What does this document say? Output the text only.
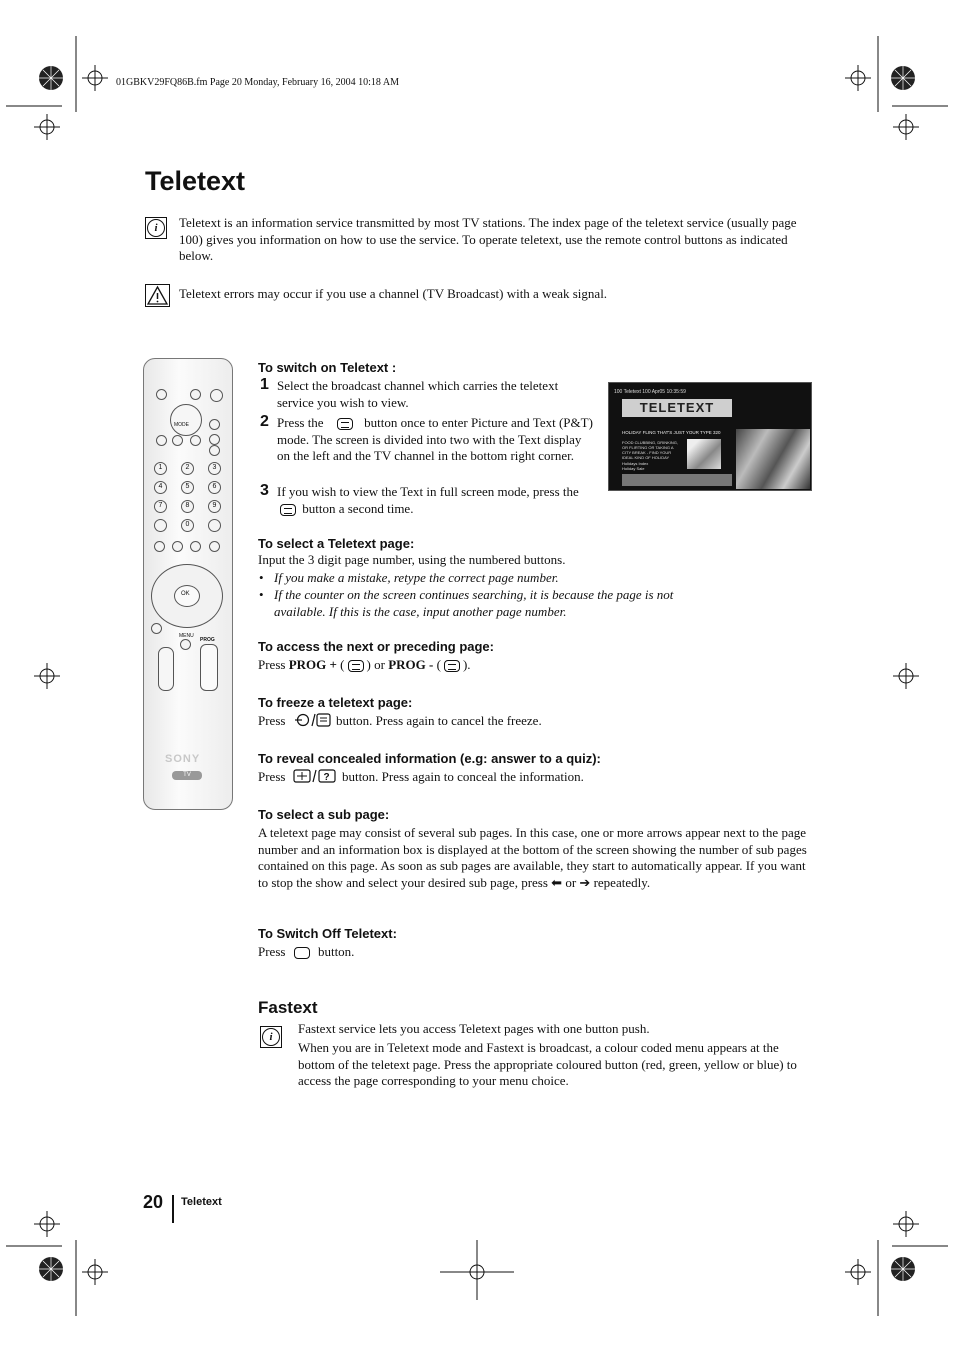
01GBKV29FQ86B.fm Page 20 Monday, February 16, 2004 10:18 AM
Teletext
i	Teletext is an information service transmitted by most TV stations. The index page of the teletext service (usually page 100) gives you information on how to use the service. To operate teletext, use the remote control buttons as indicated below.
Teletext errors may occur if you use a channel (TV Broadcast) with a weak signal.
MODE
1	2	3
4	5	6
7	8	9
0
OK
MENU
PROG
SONY
TV
To switch on Teletext :
1 Select the broadcast channel which carries the teletext service you wish to view.
2 Press the	button once to enter Picture and Text (P&T) mode. The screen is divided into two with the Text display on the left and the TV channel in the bottom right corner.
3 If you wish to view the Text in full screen mode, press the  button a second time.
100 Teletext 100 Apr05 10:35:59
TELETEXT
HOLIDAY FLING THAT'S JUST YOUR TYPE 320
FOOD CLUBBING, DRINKING,
OR FLIRTING OR TAKING A
CITY BREAK - FIND YOUR
IDEAL KIND OF HOLIDAY
Holidays Index
Holiday Sale
To select a Teletext page:
Input the 3 digit page number, using the numbered buttons.
• If you make a mistake, retype the correct page number.
• If the counter on the screen continues searching, it is because the page is not available. If this is the case, input another page number.
To access the next or preceding page:
Press PROG + ( ) or PROG - ( ).
To freeze a teletext page:
Press	button. Press again to cancel the freeze.
To reveal concealed information (e.g: answer to a quiz):
Press	? button. Press again to conceal the information.
To select a sub page:
A teletext page may consist of several sub pages. In this case, one or more arrows appear next to the page number and an information box is displayed at the bottom of the screen showing the number of sub pages contained on this page. As soon as sub pages are available, they start to automatically appear. If you want to stop the show and select your desired sub page, press ⬅ or ➔ repeatedly.
To Switch Off Teletext:
Press	button.
Fastext
i
Fastext service lets you access Teletext pages with one button push.
When you are in Teletext mode and Fastext is broadcast, a colour coded menu appears at the bottom of the teletext page. Press the appropriate coloured button (red, green, yellow or blue) to access the page corresponding to your menu choice.
20 Teletext
